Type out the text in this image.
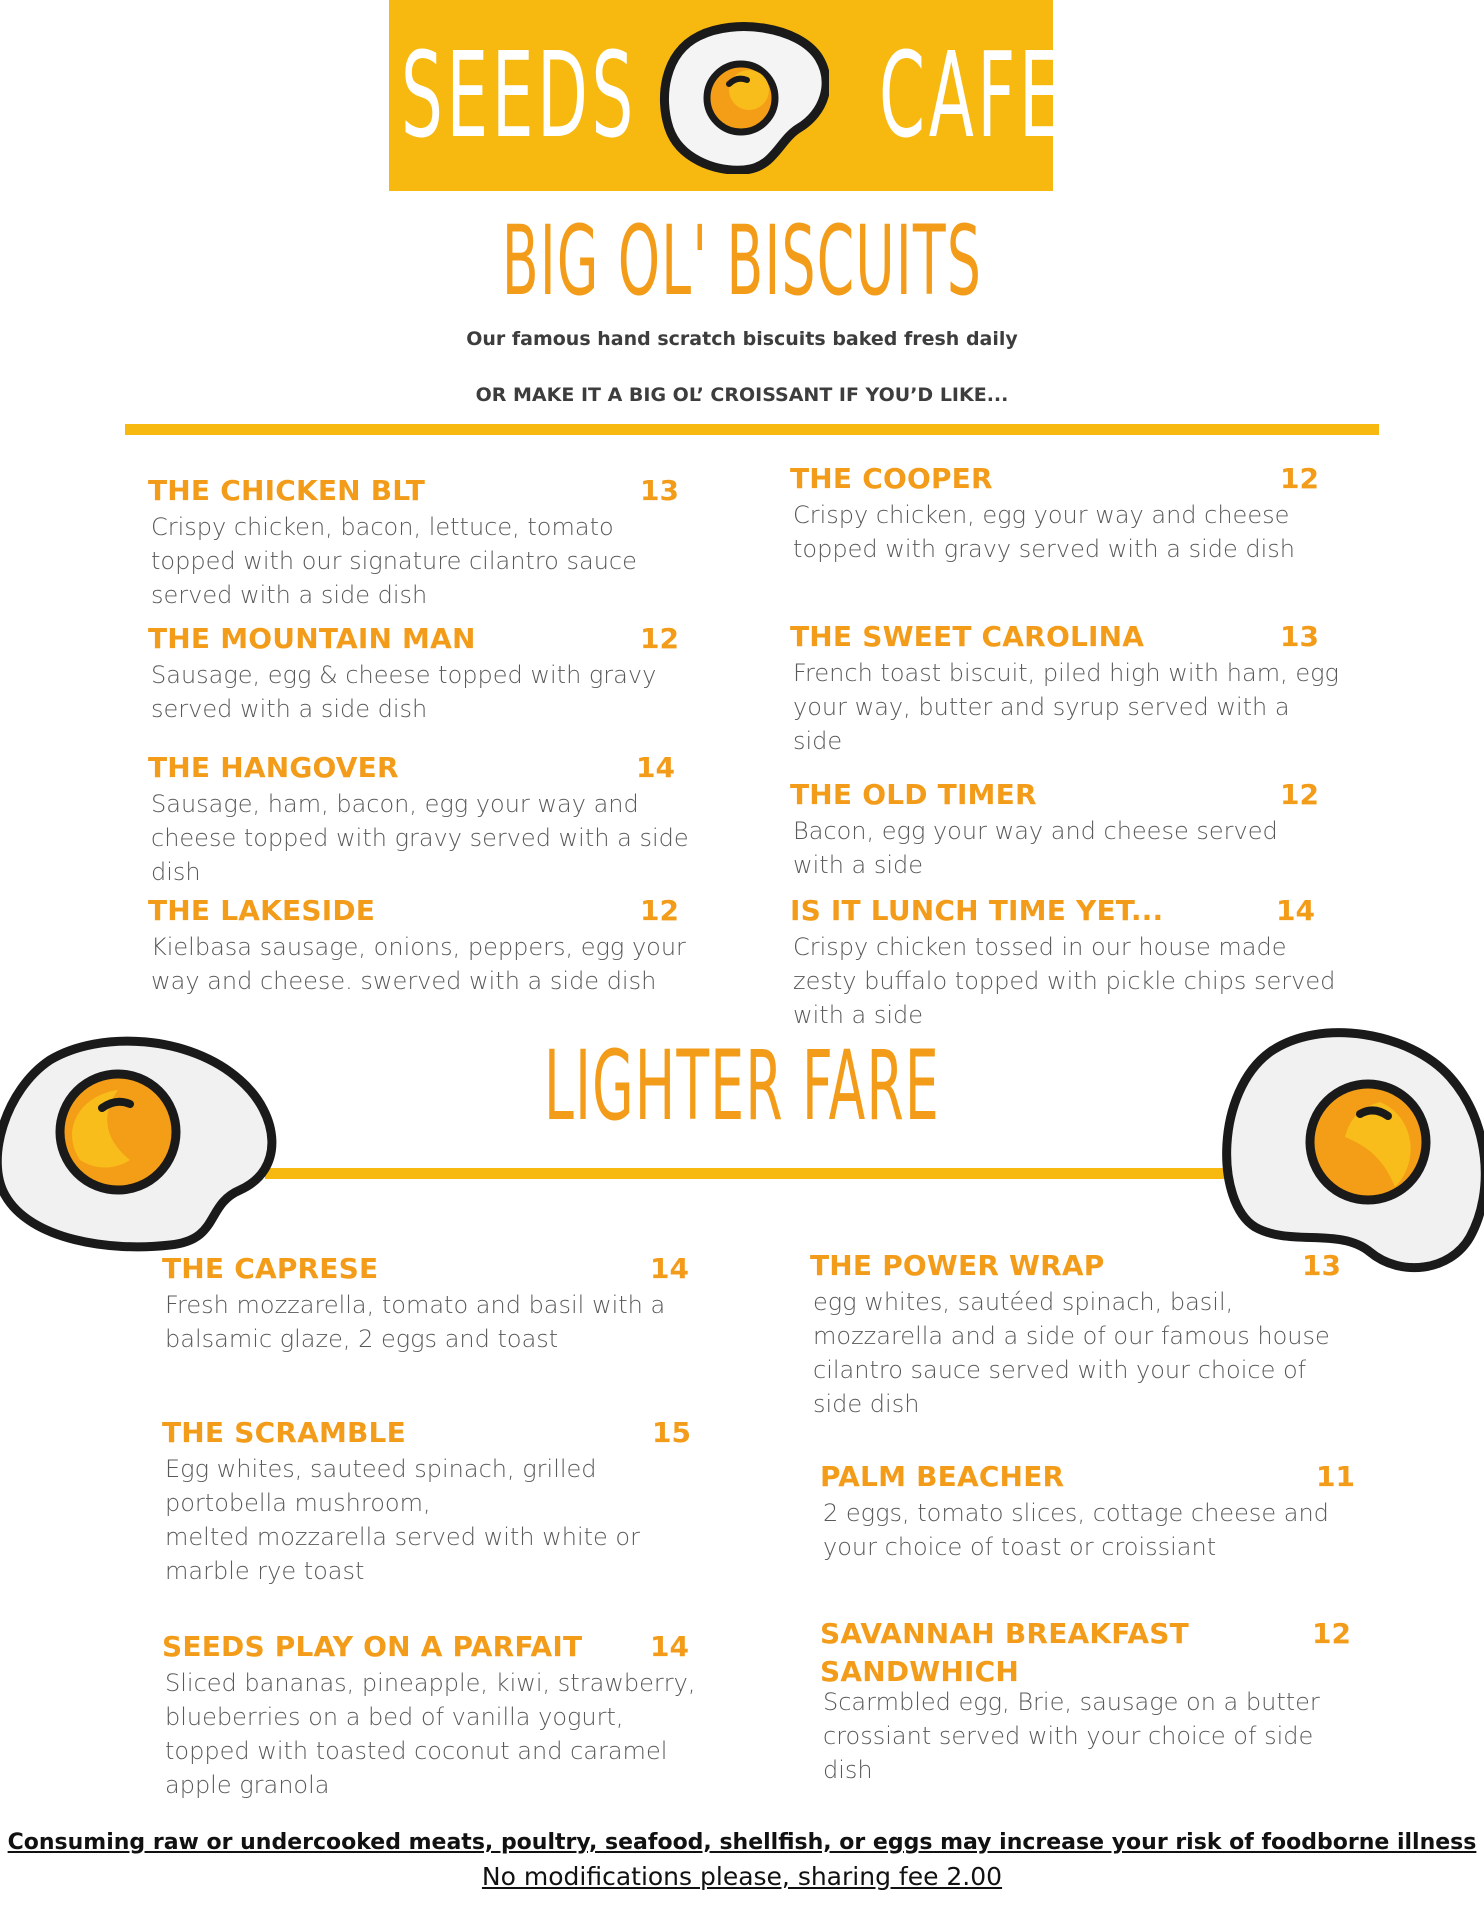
SEEDS CAFE
BIG OL' BISCUITS
Our famous hand scratch biscuits baked fresh daily
OR MAKE IT A BIG OL’ CROISSANT IF YOU’D LIKE...
THE CHICKEN BLT	13

Crispy chicken, bacon, lettuce, tomato
topped with our signature cilantro sauce
served with a side dish

THE MOUNTAIN MAN	12

Sausage, egg & cheese topped with gravy
served with a side dish

THE HANGOVER	14

Sausage, ham, bacon, egg your way and
cheese topped with gravy served with a side
dish

THE LAKESIDE	12

Kielbasa sausage, onions, peppers, egg your
way and cheese. swerved with a side dish

THE COOPER	12

Crispy chicken, egg your way and cheese
topped with gravy served with a side dish

THE SWEET CAROLINA	13

French toast biscuit, piled high with ham, egg
your way, butter and syrup served with a
side

THE OLD TIMER	12

Bacon, egg your way and cheese served
with a side

IS IT LUNCH TIME YET...	14

Crispy chicken tossed in our house made
zesty buffalo topped with pickle chips served
with a side

LIGHTER FARE
THE CAPRESE	14

Fresh mozzarella, tomato and basil with a
balsamic glaze, 2 eggs and toast

THE SCRAMBLE	15

Egg whites, sauteed spinach, grilled
portobella mushroom,
melted mozzarella served with white or
marble rye toast

SEEDS PLAY ON A PARFAIT	14

Sliced bananas, pineapple, kiwi, strawberry,
blueberries on a bed of vanilla yogurt,
topped with toasted coconut and caramel
apple granola

THE POWER WRAP	13

egg whites, sautéed spinach, basil,
mozzarella and a side of our famous house
cilantro sauce served with your choice of
side dish

PALM BEACHER	11

2 eggs, tomato slices, cottage cheese and
your choice of toast or croissiant

SAVANNAH BREAKFAST
SANDWHICH
12

Scarmbled egg, Brie, sausage on a butter
crossiant served with your choice of side
dish

Consuming raw or undercooked meats, poultry, seafood, shellfish, or eggs may increase your risk of foodborne illness
No modifications please, sharing fee 2.00
